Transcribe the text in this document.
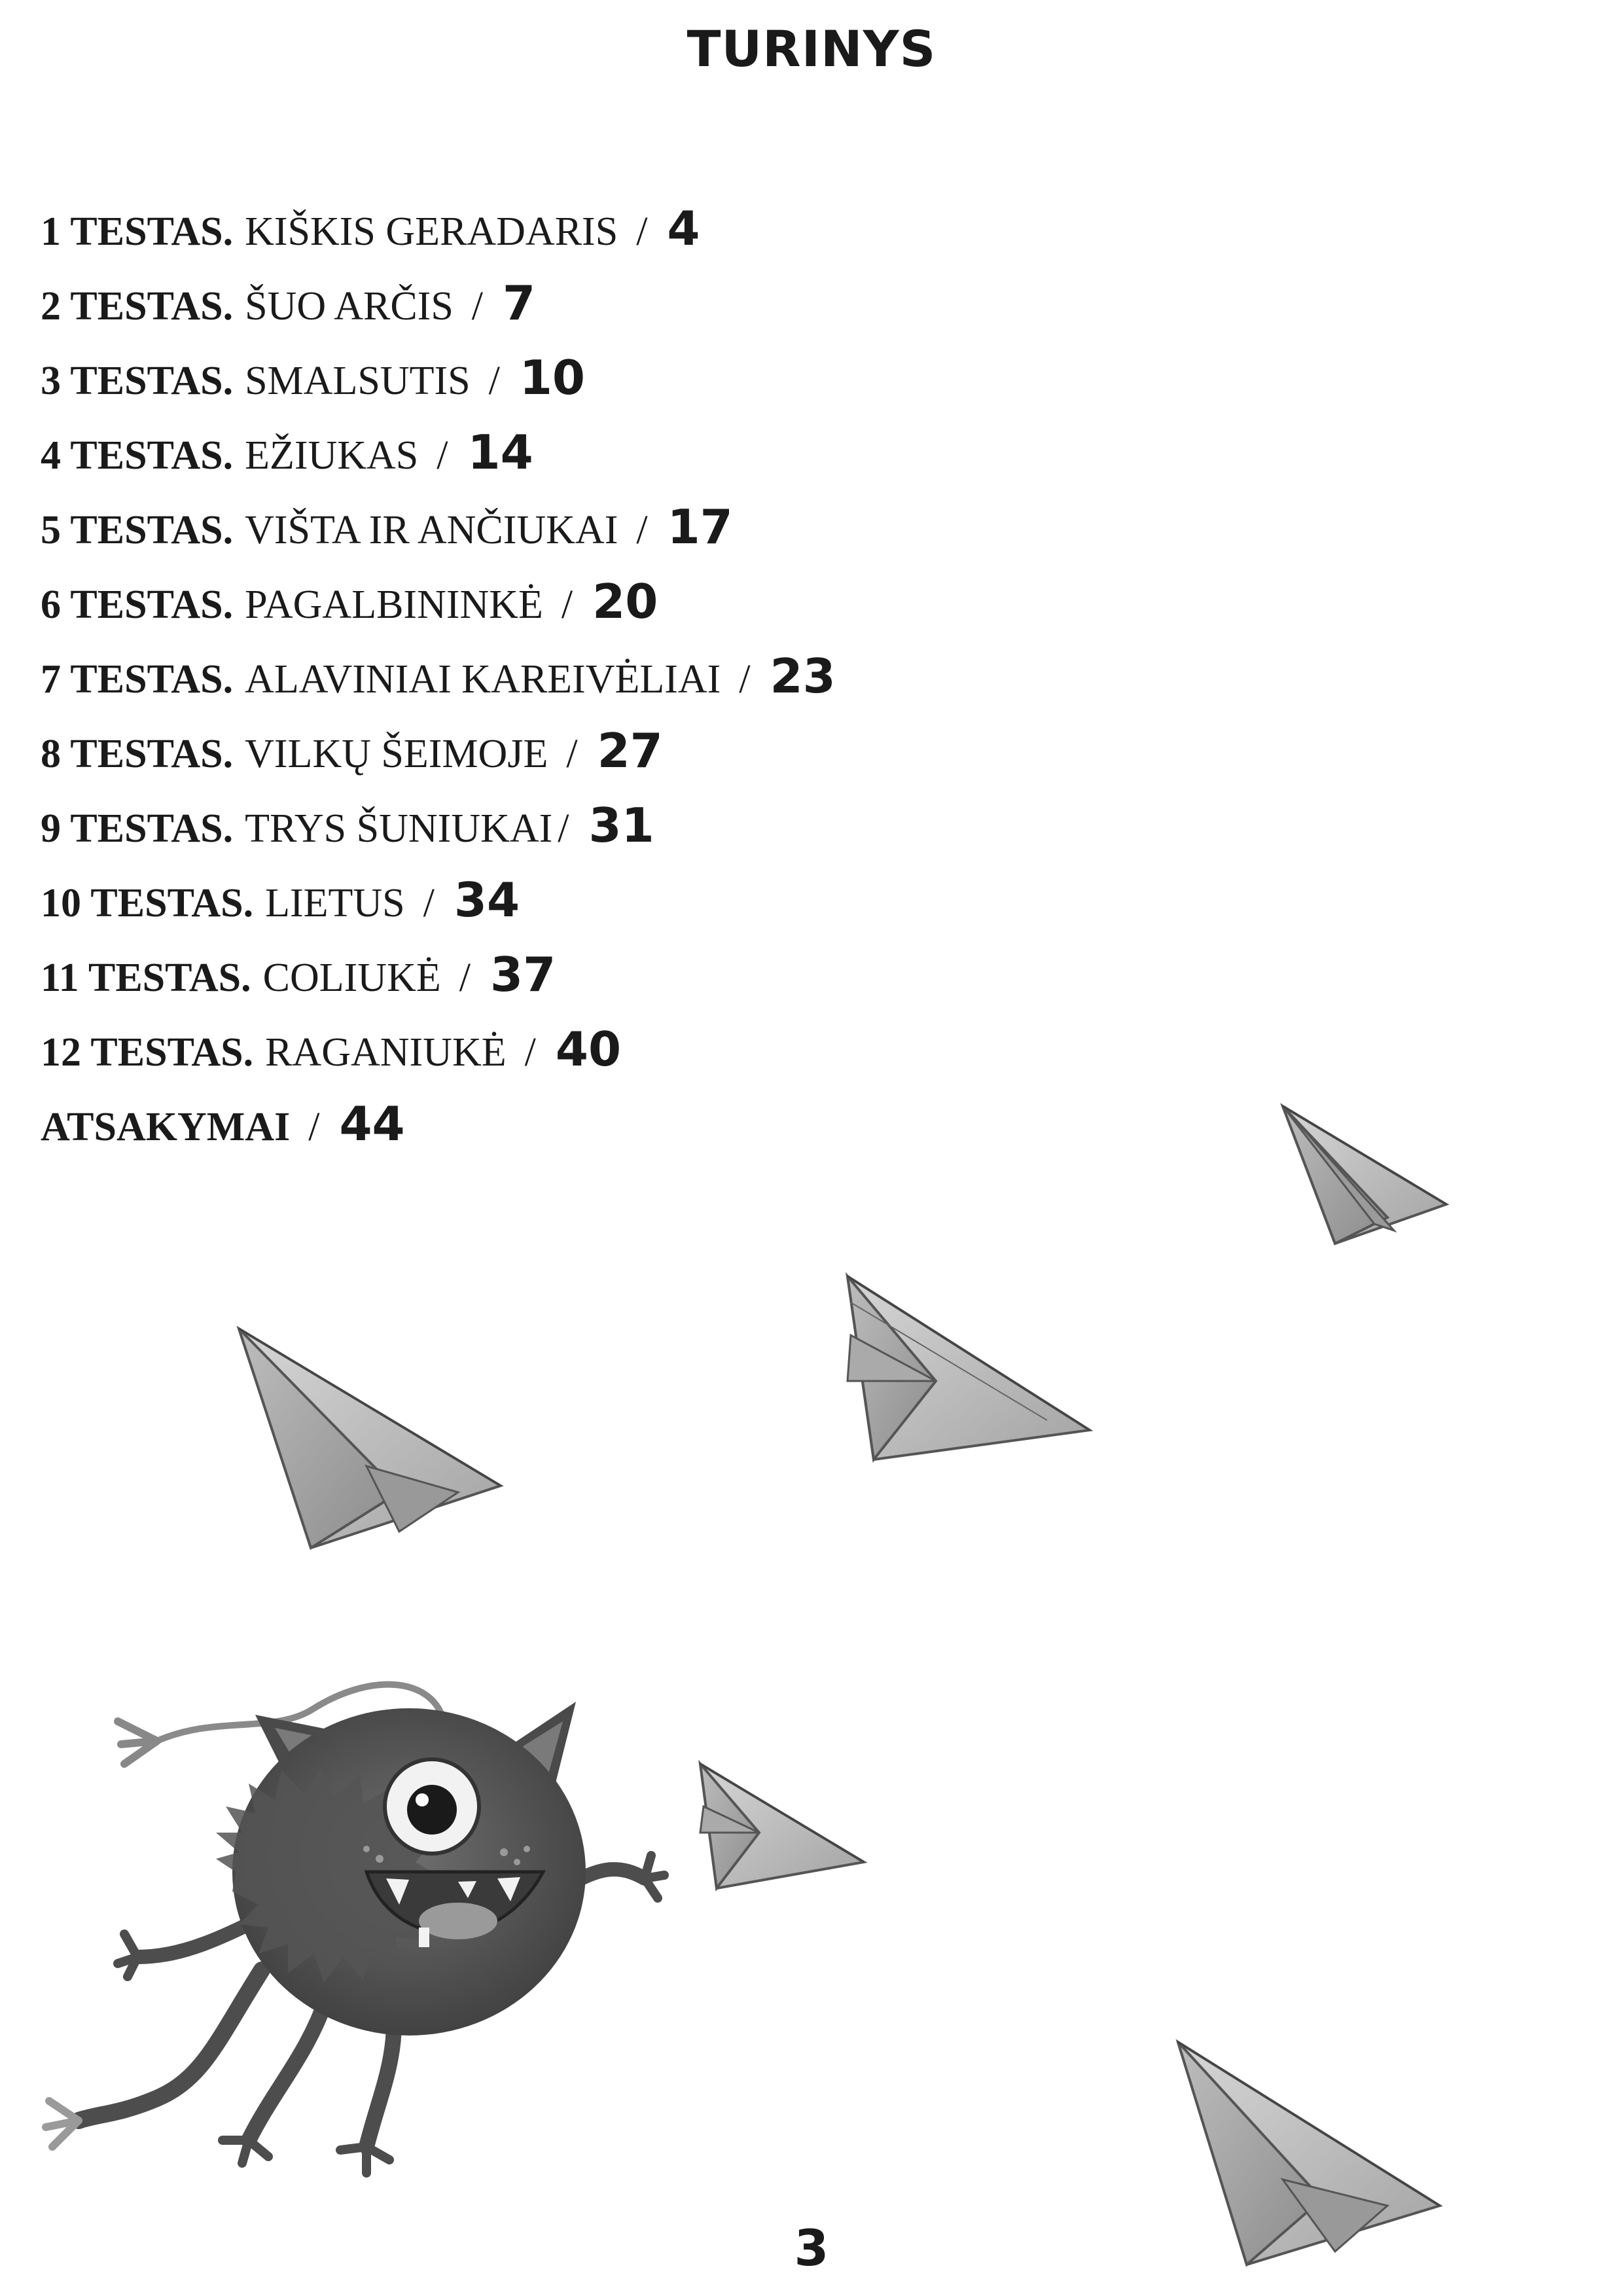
TURINYS
1 TESTAS. KIŠKIS GERADARIS / 4
2 TESTAS. ŠUO ARČIS / 7
3 TESTAS. SMALSUTIS / 10
4 TESTAS. EŽIUKAS / 14
5 TESTAS. VIŠTA IR ANČIUKAI / 17
6 TESTAS. PAGALBININKĖ / 20
7 TESTAS. ALAVINIAI KAREIVĖLIAI / 23
8 TESTAS. VILKŲ ŠEIMOJE / 27
9 TESTAS. TRYS ŠUNIUKAI / 31
10 TESTAS. LIETUS / 34
11 TESTAS. COLIUKĖ / 37
12 TESTAS. RAGANIUKĖ / 40
ATSAKYMAI / 44
3
